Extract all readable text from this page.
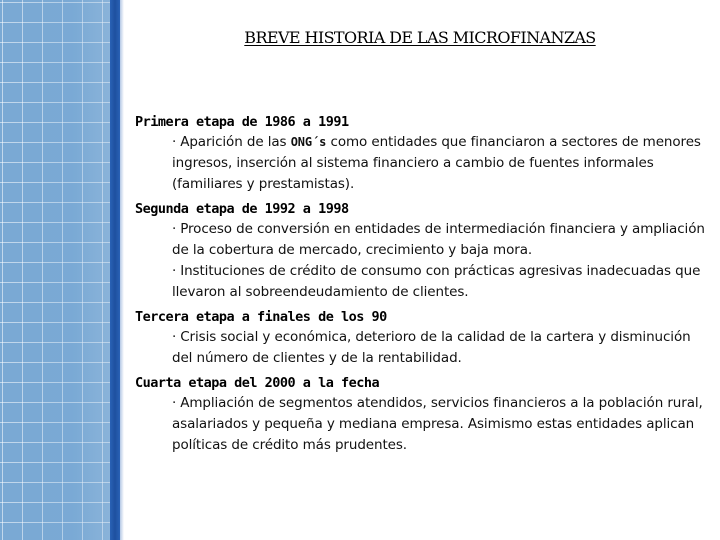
BREVE HISTORIA DE LAS MICROFINANZAS
Primera etapa de 1986 a 1991
· Aparición de las ONG´s como entidades que financiaron a sectores de menores ingresos, inserción al sistema financiero a cambio de fuentes informales (familiares y prestamistas).
Segunda etapa de 1992 a 1998
· Proceso de conversión en entidades de intermediación financiera y ampliación de la cobertura de mercado, crecimiento y baja mora.
· Instituciones de crédito de consumo con prácticas agresivas inadecuadas que llevaron al sobreendeudamiento de clientes.
Tercera etapa a finales de los 90
· Crisis social y económica, deterioro de la calidad de la cartera y disminución del número de clientes y de la rentabilidad.
Cuarta etapa del 2000 a la fecha
· Ampliación de segmentos atendidos, servicios financieros a la población rural, asalariados y pequeña y mediana empresa. Asimismo estas entidades aplican políticas de crédito más prudentes.
